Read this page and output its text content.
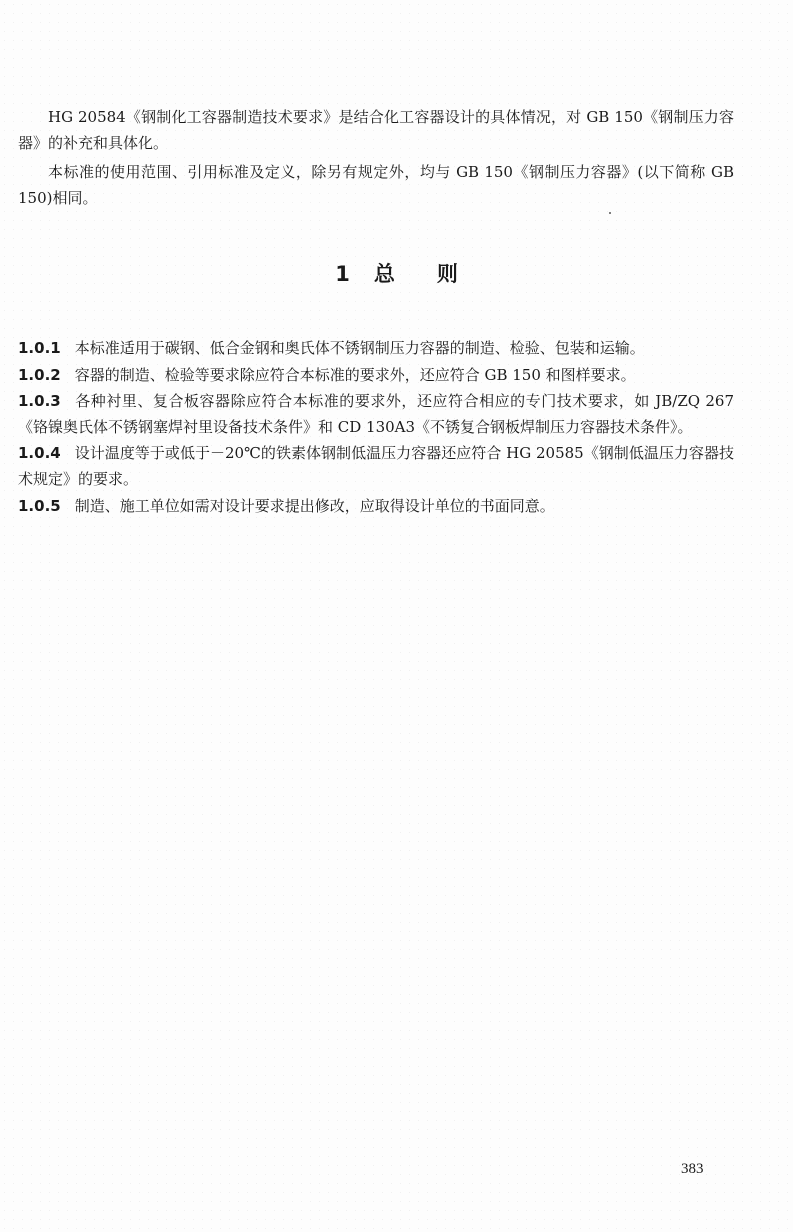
HG 20584《钢制化工容器制造技术要求》是结合化工容器设计的具体情况，对 GB 150《钢制压力容器》的补充和具体化。

本标准的使用范围、引用标准及定义，除另有规定外，均与 GB 150《钢制压力容器》(以下简称 GB 150)相同。

1 总 则
1.0.1 本标准适用于碳钢、低合金钢和奥氏体不锈钢制压力容器的制造、检验、包装和运输。
1.0.2 容器的制造、检验等要求除应符合本标准的要求外，还应符合 GB 150 和图样要求。
1.0.3 各种衬里、复合板容器除应符合本标准的要求外，还应符合相应的专门技术要求，如 JB/ZQ 267《铬镍奥氏体不锈钢塞焊衬里设备技术条件》和 CD 130A3《不锈复合钢板焊制压力容器技术条件》。
1.0.4 设计温度等于或低于－20℃的铁素体钢制低温压力容器还应符合 HG 20585《钢制低温压力容器技术规定》的要求。
1.0.5 制造、施工单位如需对设计要求提出修改，应取得设计单位的书面同意。
383
